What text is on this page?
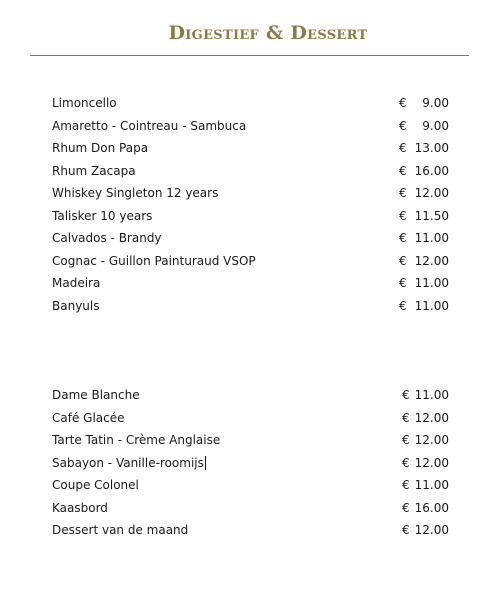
Digestief & Dessert
Limoncello	€ 9.00
Amaretto - Cointreau - Sambuca	€ 9.00
Rhum Don Papa	€ 13.00
Rhum Zacapa	€ 16.00
Whiskey Singleton 12 years	€ 12.00
Talisker 10 years	€ 11.50
Calvados - Brandy	€ 11.00
Cognac - Guillon Painturaud VSOP	€ 12.00
Madeira	€ 11.00
Banyuls	€ 11.00
Dame Blanche	€ 11.00
Café Glacée	€ 12.00
Tarte Tatin - Crème Anglaise	€ 12.00
Sabayon - Vanille-roomijs	€ 12.00
Coupe Colonel	€ 11.00
Kaasbord	€ 16.00
Dessert van de maand	€ 12.00
